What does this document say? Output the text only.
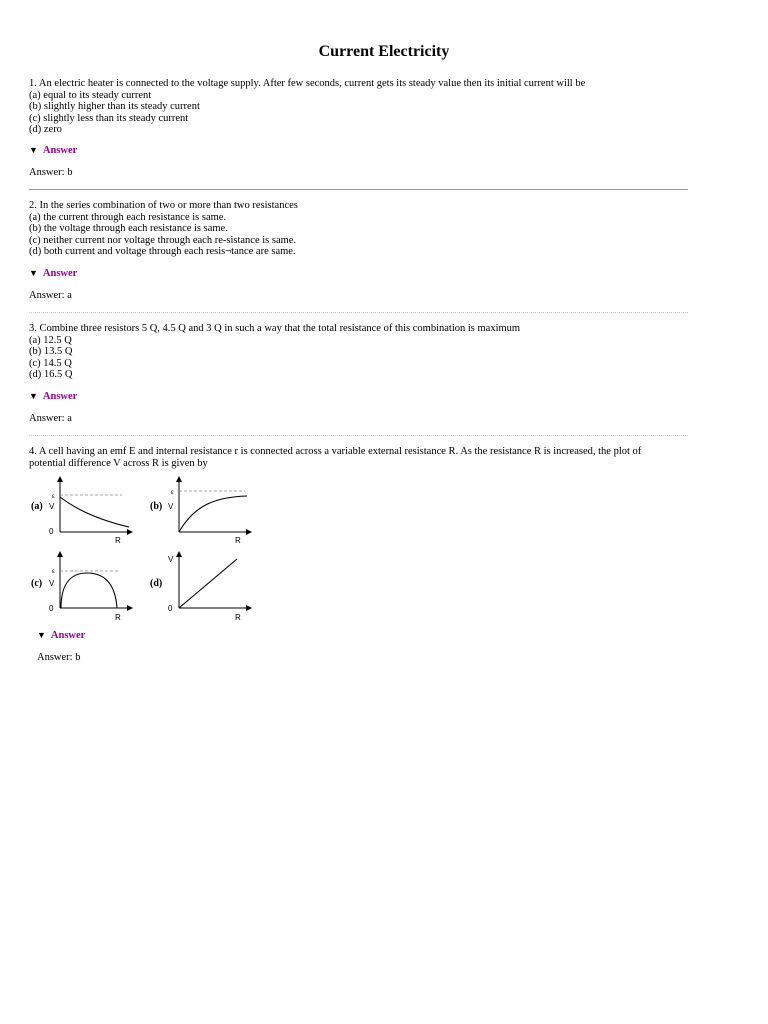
Current Electricity
1. An electric heater is connected to the voltage supply. After few seconds, current gets its steady value then its initial current will be
(a) equal to its steady current
(b) slightly higher than its steady current
(c) slightly less than its steady current
(d) zero
▼ Answer
Answer: b
2. In the series combination of two or more than two resistances
(a) the current through each resistance is same.
(b) the voltage through each resistance is same.
(c) neither current nor voltage through each re-sistance is same.
(d) both current and voltage through each resis¬tance are same.
▼ Answer
Answer: a
3. Combine three resistors 5 Q, 4.5 Q and 3 Q in such a way that the total resistance of this combination is maximum
(a) 12.5 Q
(b) 13.5 Q
(c) 14.5 Q
(d) 16.5 Q
▼ Answer
Answer: a
4. A cell having an emf E and internal resistance r is connected across a variable external resistance R. As the resistance R is increased, the plot of
potential difference V across R is given by
(a) V
0
ε
R
(b) V
ε
R
(c) V
0
ε
R
(d)
V
0
R
▼ Answer
Answer: b
